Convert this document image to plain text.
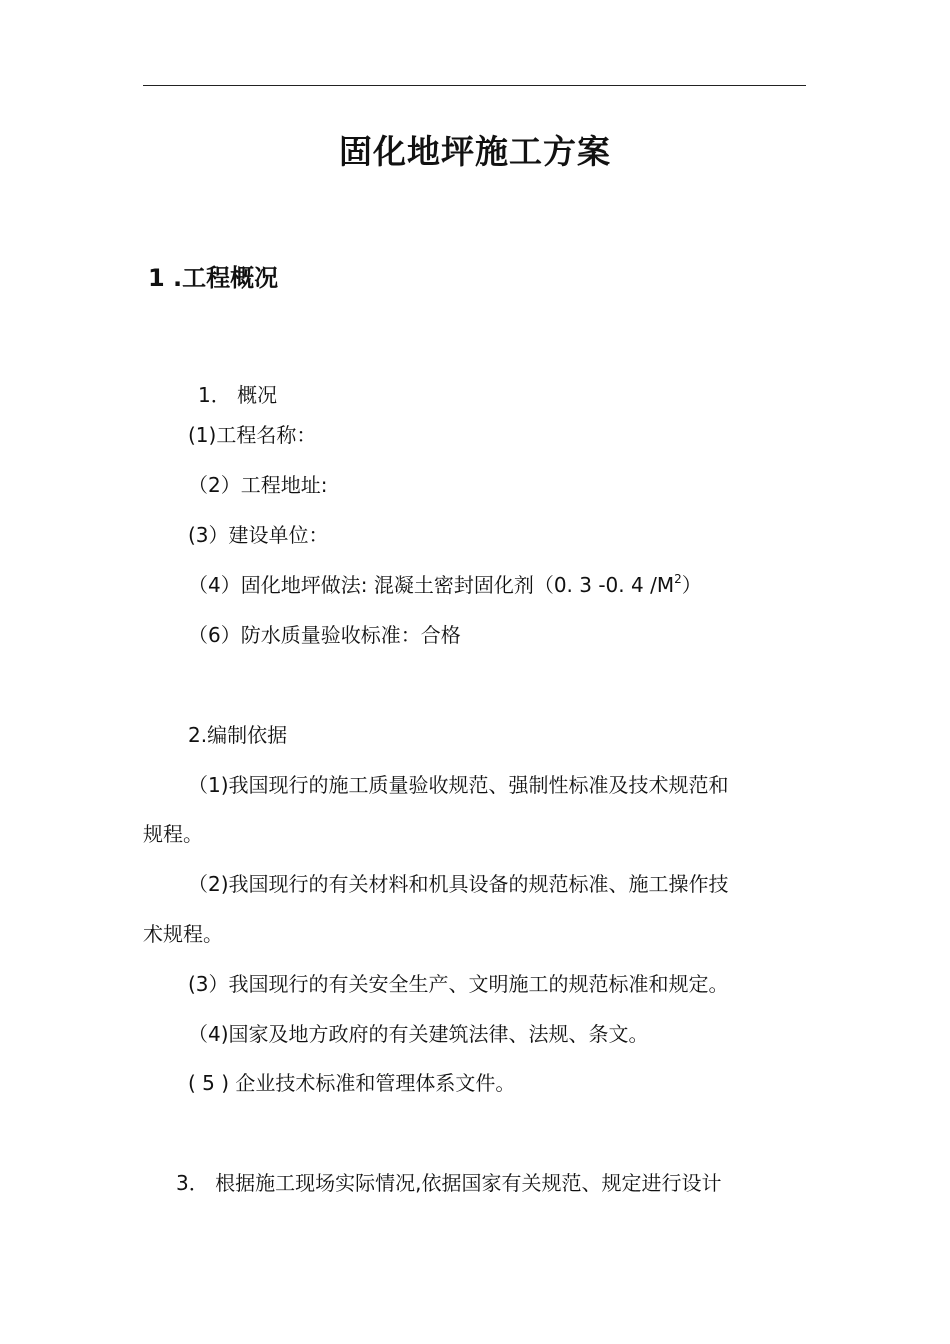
固化地坪施工方案
1 .工程概况
1． 概况
(1)工程名称：
（2）工程地址:
(3）建设单位：
（4）固化地坪做法: 混凝土密封固化剂（0. 3 -0. 4 $/M^2$）
（6）防水质量验收标准：合格
2.编制依据
（1)我国现行的施工质量验收规范、强制性标准及技术规范和
规程。
（2)我国现行的有关材料和机具设备的规范标准、施工操作技
术规程。
(3）我国现行的有关安全生产、文明施工的规范标准和规定。
（4)国家及地方政府的有关建筑法律、法规、条文。
( 5 ) 企业技术标准和管理体系文件。
3． 根据施工现场实际情况,依据国家有关规范、规定进行设计
